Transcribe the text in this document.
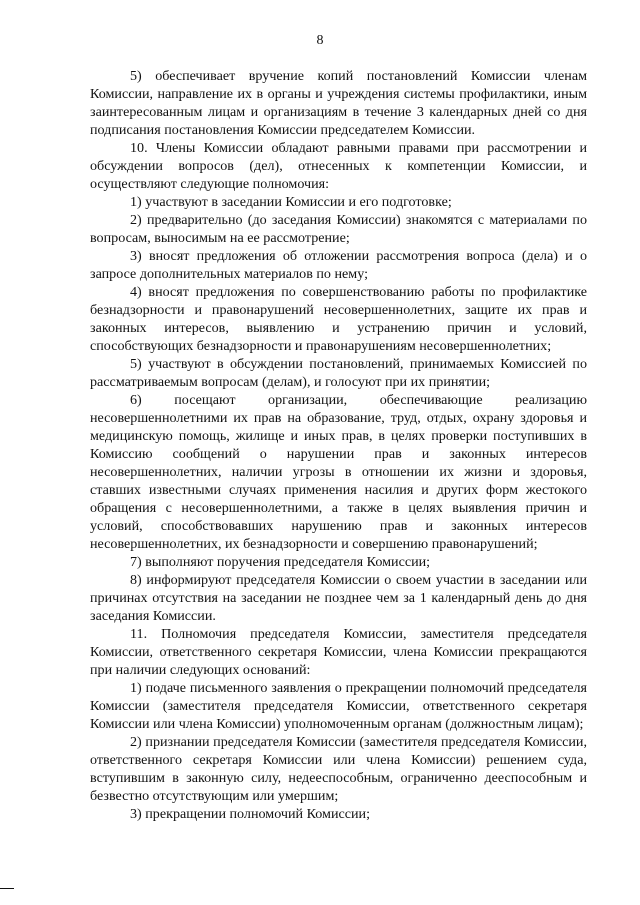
8

5) обеспечивает вручение копий постановлений Комиссии членам Комиссии, направление их в органы и учреждения системы профилактики, иным заинтересованным лицам и организациям в течение 3 календарных дней со дня подписания постановления Комиссии председателем Комиссии.

10. Члены Комиссии обладают равными правами при рассмотрении и обсуждении вопросов (дел), отнесенных к компетенции Комиссии, и осуществляют следующие полномочия:

1) участвуют в заседании Комиссии и его подготовке;

2) предварительно (до заседания Комиссии) знакомятся с материалами по вопросам, выносимым на ее рассмотрение;

3) вносят предложения об отложении рассмотрения вопроса (дела) и о запросе дополнительных материалов по нему;

4) вносят предложения по совершенствованию работы по профилактике безнадзорности и правонарушений несовершеннолетних, защите их прав и законных интересов, выявлению и устранению причин и условий, способствующих безнадзорности и правонарушениям несовершеннолетних;

5) участвуют в обсуждении постановлений, принимаемых Комиссией по рассматриваемым вопросам (делам), и голосуют при их принятии;

6) посещают организации, обеспечивающие реализацию несовершеннолетними их прав на образование, труд, отдых, охрану здоровья и медицинскую помощь, жилище и иных прав, в целях проверки поступивших в Комиссию сообщений о нарушении прав и законных интересов несовершеннолетних, наличии угрозы в отношении их жизни и здоровья, ставших известными случаях применения насилия и других форм жестокого обращения с несовершеннолетними, а также в целях выявления причин и условий, способствовавших нарушению прав и законных интересов несовершеннолетних, их безнадзорности и совершению правонарушений;

7) выполняют поручения председателя Комиссии;

8) информируют председателя Комиссии о своем участии в заседании или причинах отсутствия на заседании не позднее чем за 1 календарный день до дня заседания Комиссии.

11. Полномочия председателя Комиссии, заместителя председателя Комиссии, ответственного секретаря Комиссии, члена Комиссии прекращаются при наличии следующих оснований:

1) подаче письменного заявления о прекращении полномочий председателя Комиссии (заместителя председателя Комиссии, ответственного секретаря Комиссии или члена Комиссии) уполномоченным органам (должностным лицам);

2) признании председателя Комиссии (заместителя председателя Комиссии, ответственного секретаря Комиссии или члена Комиссии) решением суда, вступившим в законную силу, недееспособным, ограниченно дееспособным и безвестно отсутствующим или умершим;

3) прекращении полномочий Комиссии;
